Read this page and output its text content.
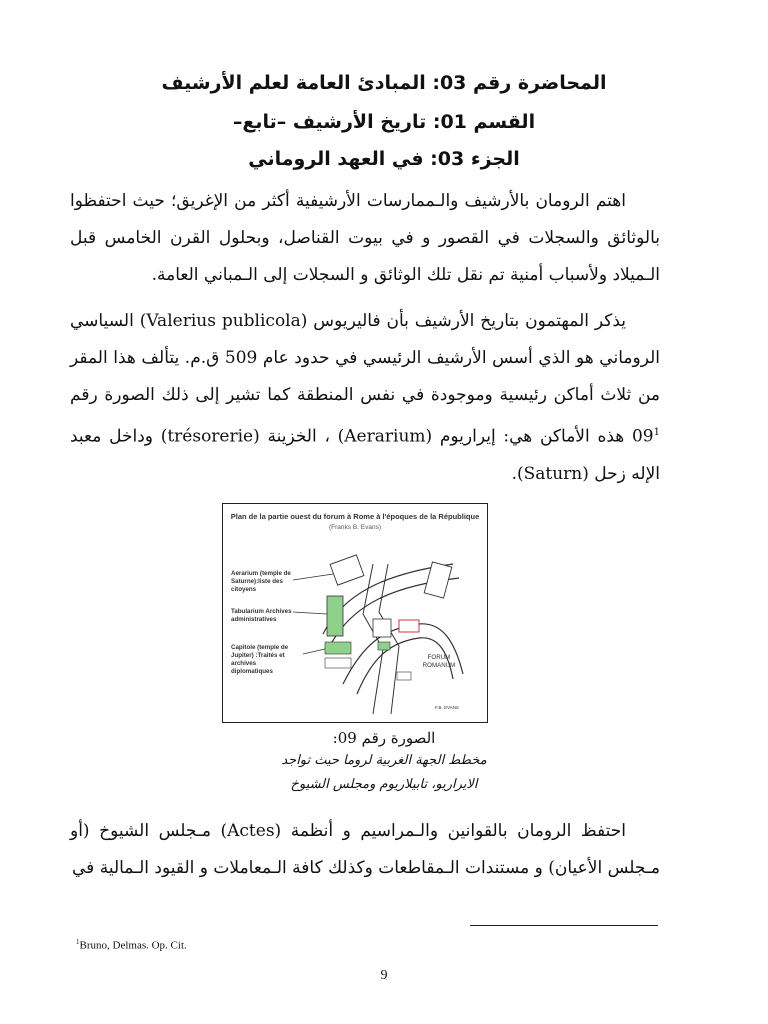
المحاضرة رقم 03: المبادئ العامة لعلم الأرشيف
القسم 01: تاريخ الأرشيف –تابع–
الجزء 03: في العهد الروماني
اهتم الرومان بالأرشيف والـممارسات الأرشيفية أكثر من الإغريق؛ حيث احتفظوا بالوثائق والسجلات في القصور و في بيوت القناصل، وبحلول القرن الخامس قبل الـميلاد ولأسباب أمنية تم نقل تلك الوثائق و السجلات إلى الـمباني العامة.
يذكر المهتمون بتاريخ الأرشيف بأن فاليريوس (Valerius publicola) السياسي الروماني هو الذي أسس الأرشيف الرئيسي في حدود عام 509 ق.م. يتألف هذا المقر من ثلاث أماكن رئيسية وموجودة في نفس المنطقة كما تشير إلى ذلك الصورة رقم $09^1$ هذه الأماكن هي: إيراريوم (Aerarium) ، الخزينة (trésorerie) وداخل معبد الإله زحل (Saturn).
Plan de la partie ouest du forum à Rome à l'époques de la République
(Franks B. Evans)
Aerarium (temple de Saturne):liste des citoyens
Tabularium Archives administratives
Capitole (temple de Jupiter) :Traités et archives diplomatiques
FORUM ROMANUM
F.B. EVANS
الصورة رقم 09:
مخطط الجهة الغربية لروما حيث تواجد
الايراريو، تابيلاريوم ومجلس الشيوخ
احتفظ الرومان بالقوانين والـمراسيم و أنظمة (Actes) مـجلس الشيوخ (أو مـجلس الأعيان) و مستندات الـمقاطعات وكذلك كافة الـمعاملات و القيود الـمالية في
$^1$Bruno, Delmas. Op. Cit.
9
